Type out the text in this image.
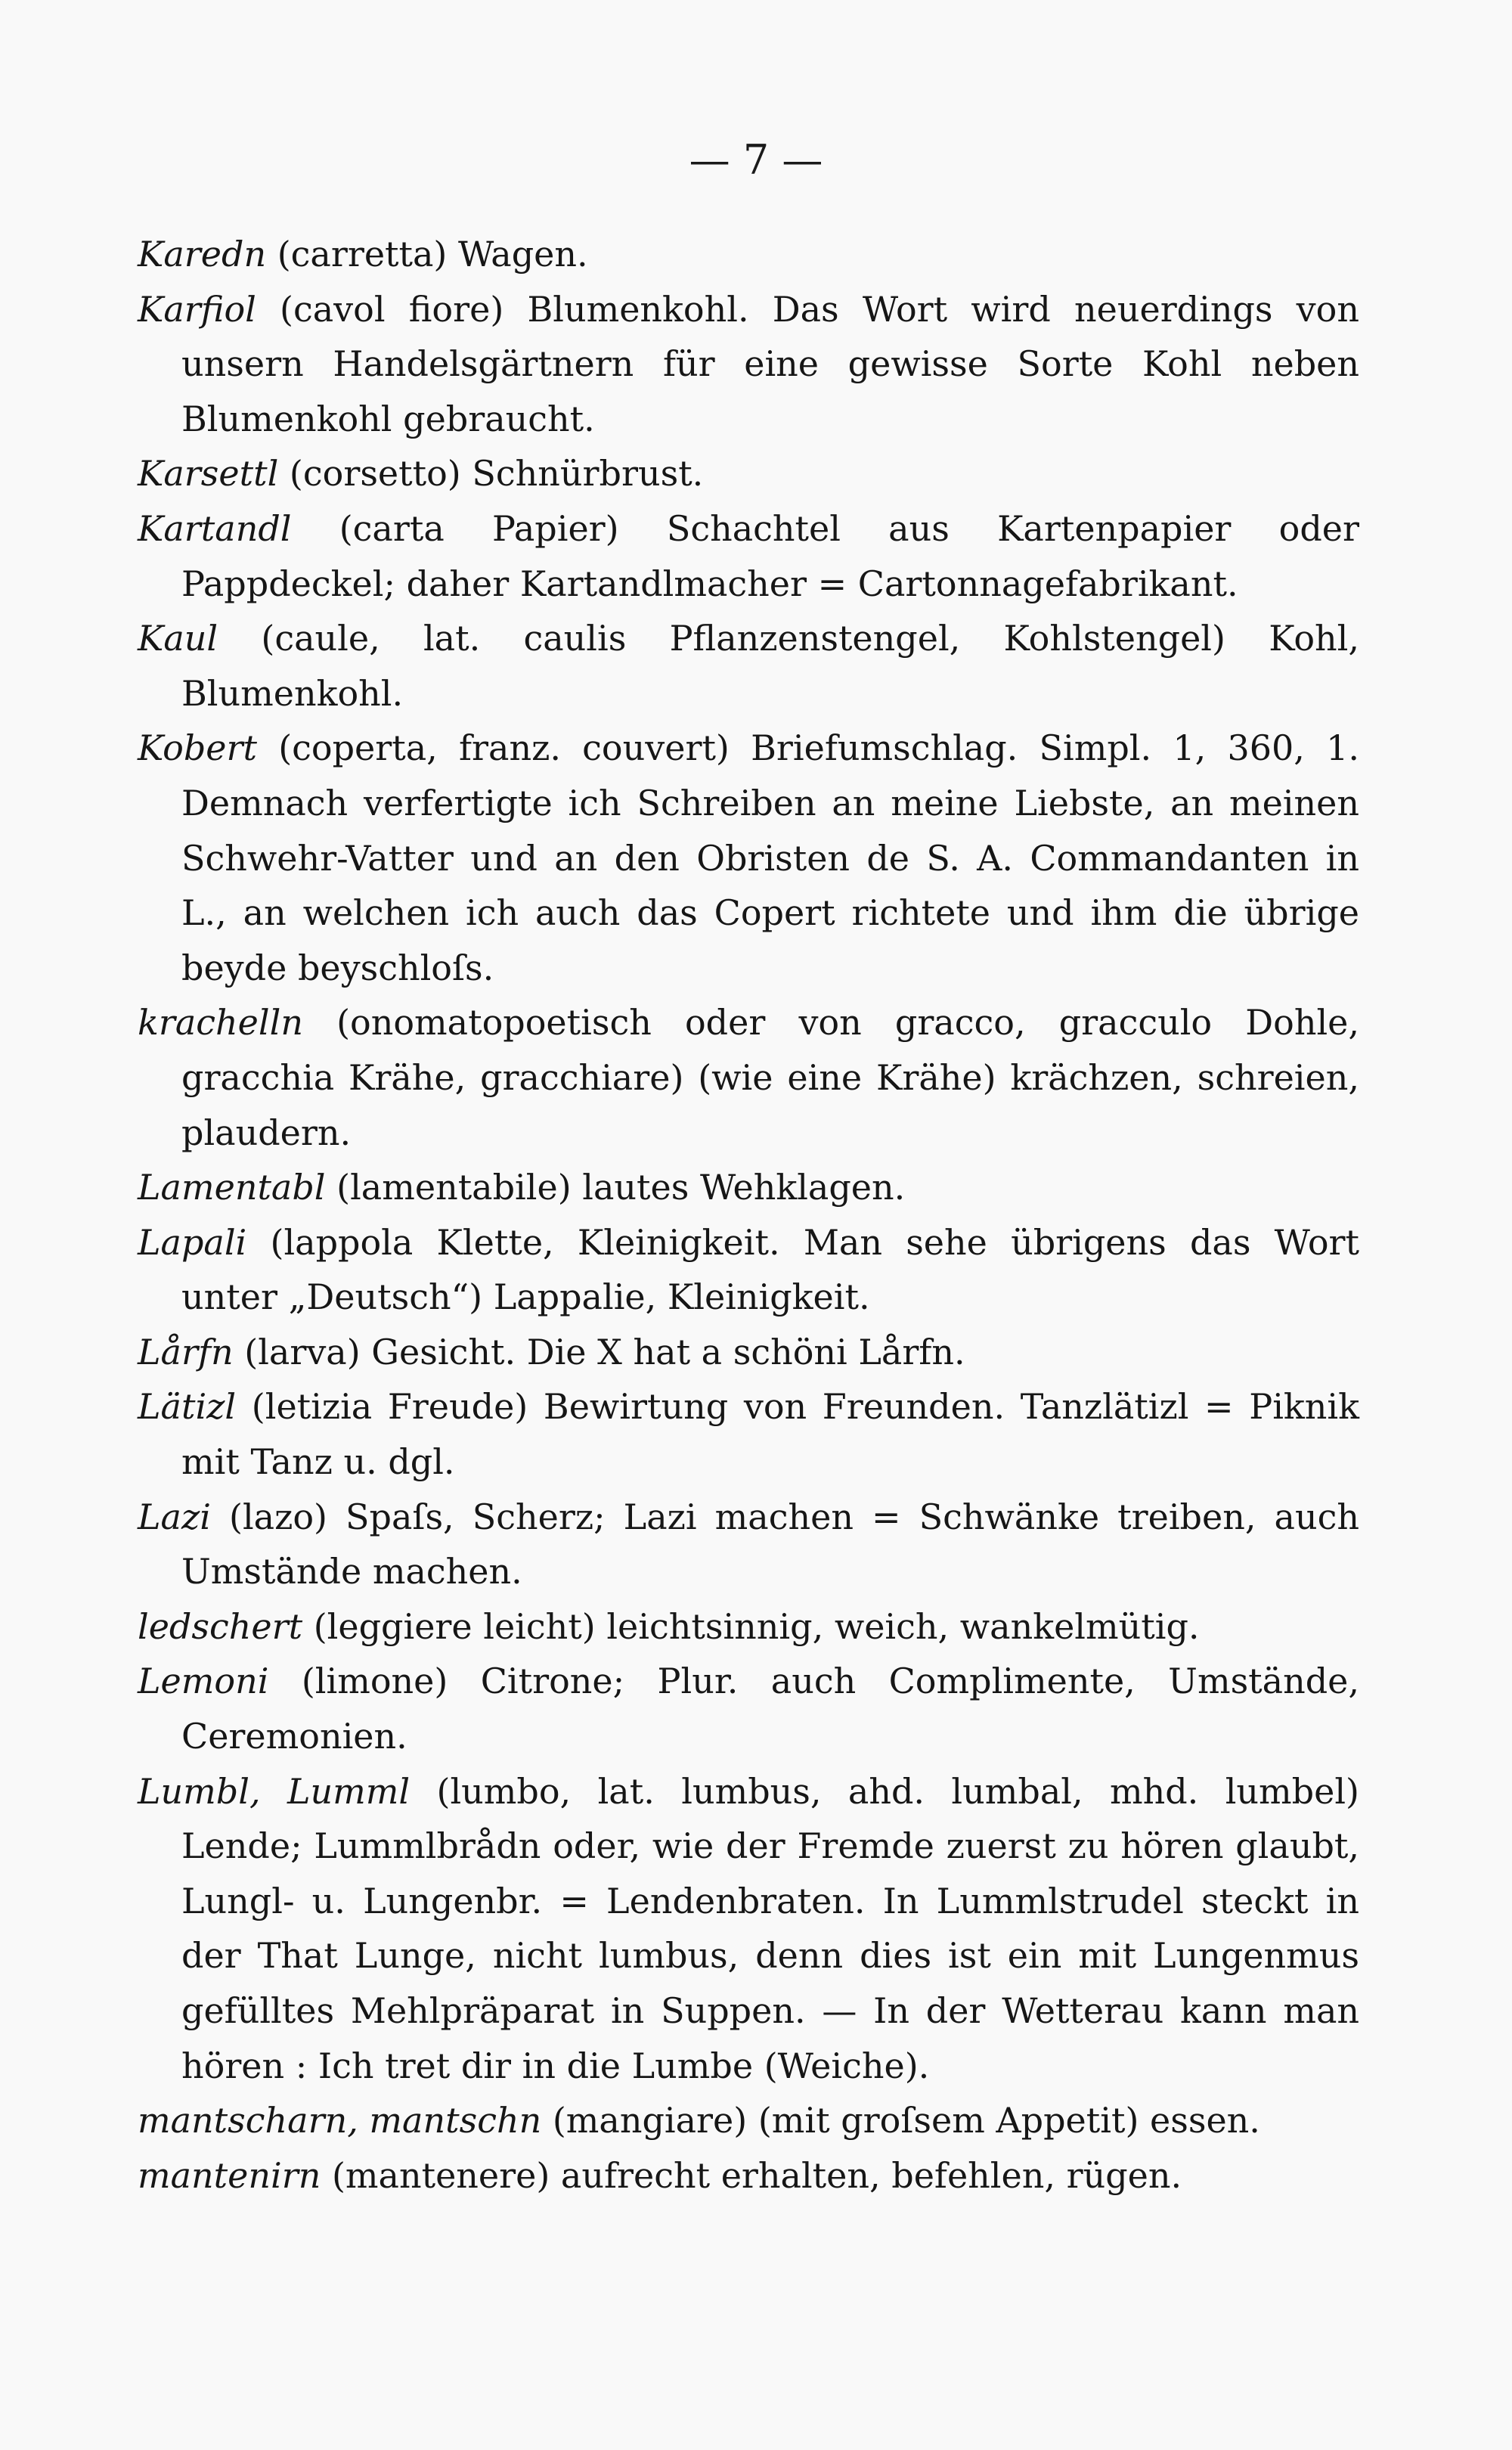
— 7 —

Karedn (carretta) Wagen.

Karfiol (cavol fiore) Blumenkohl. Das Wort wird neuerdings von unsern Handelsgärtnern für eine gewisse Sorte Kohl neben Blumenkohl gebraucht.

Karsettl (corsetto) Schnürbrust.

Kartandl (carta Papier) Schachtel aus Kartenpapier oder Pappdeckel; daher Kartandlmacher = Cartonnagefabrikant.

Kaul (caule, lat. caulis Pflanzenstengel, Kohlstengel) Kohl, Blumenkohl.

Kobert (coperta, franz. couvert) Briefumschlag. Simpl. 1, 360, 1. Demnach verfertigte ich Schreiben an meine Liebste, an meinen Schwehr-Vatter und an den Obristen de S. A. Commandanten in L., an welchen ich auch das Copert richtete und ihm die übrige beyde beyschloſs.

krachelln (onomatopoetisch oder von gracco, gracculo Dohle, gracchia Krähe, gracchiare) (wie eine Krähe) krächzen, schreien, plaudern.

Lamentabl (lamentabile) lautes Wehklagen.

Lapali (lappola Klette, Kleinigkeit. Man sehe übrigens das Wort unter „Deutsch“) Lappalie, Kleinigkeit.

Lårfn (larva) Gesicht. Die X hat a schöni Lårfn.

Lätizl (letizia Freude) Bewirtung von Freunden. Tanzlätizl = Piknik mit Tanz u. dgl.

Lazi (lazo) Spaſs, Scherz; Lazi machen = Schwänke treiben, auch Umstände machen.

ledschert (leggiere leicht) leichtsinnig, weich, wankelmütig.

Lemoni (limone) Citrone; Plur. auch Complimente, Umstände, Ceremonien.

Lumbl, Lumml (lumbo, lat. lumbus, ahd. lumbal, mhd. lumbel) Lende; Lummlbrådn oder, wie der Fremde zuerst zu hören glaubt, Lungl- u. Lungenbr. = Lendenbraten. In Lummlstrudel steckt in der That Lunge, nicht lumbus, denn dies ist ein mit Lungenmus gefülltes Mehlpräparat in Suppen. — In der Wetterau kann man hören : Ich tret dir in die Lumbe (Weiche).

mantscharn, mantschn (mangiare) (mit groſsem Appetit) essen.

mantenirn (mantenere) aufrecht erhalten, befehlen, rügen.
